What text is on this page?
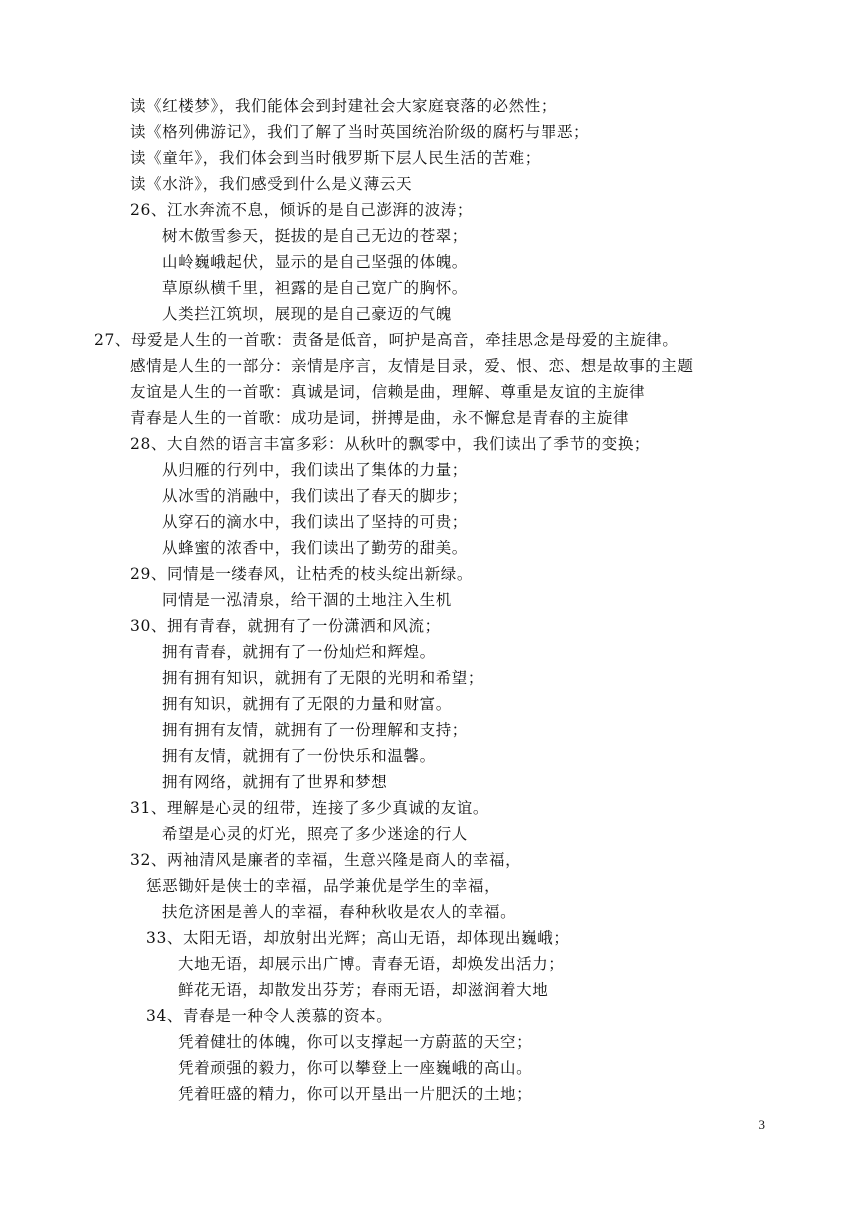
读《红楼梦》，我们能体会到封建社会大家庭衰落的必然性；
读《格列佛游记》，我们了解了当时英国统治阶级的腐朽与罪恶；
读《童年》，我们体会到当时俄罗斯下层人民生活的苦难；
读《水浒》，我们感受到什么是义薄云天
26、江水奔流不息，倾诉的是自己澎湃的波涛；
树木傲雪参天，挺拔的是自己无边的苍翠；
山岭巍峨起伏，显示的是自己坚强的体魄。
草原纵横千里，袒露的是自己宽广的胸怀。
人类拦江筑坝，展现的是自己豪迈的气魄
27、母爱是人生的一首歌：责备是低音，呵护是高音，牵挂思念是母爱的主旋律。
感情是人生的一部分：亲情是序言，友情是目录，爱、恨、恋、想是故事的主题
友谊是人生的一首歌：真诚是词，信赖是曲，理解、尊重是友谊的主旋律
青春是人生的一首歌：成功是词，拼搏是曲，永不懈怠是青春的主旋律
28、大自然的语言丰富多彩：从秋叶的飘零中，我们读出了季节的变换；
从归雁的行列中，我们读出了集体的力量；
从冰雪的消融中，我们读出了春天的脚步；
从穿石的滴水中，我们读出了坚持的可贵；
从蜂蜜的浓香中，我们读出了勤劳的甜美。
29、同情是一缕春风，让枯秃的枝头绽出新绿。
同情是一泓清泉，给干涸的土地注入生机
30、拥有青春，就拥有了一份潇洒和风流；
拥有青春，就拥有了一份灿烂和辉煌。
拥有拥有知识，就拥有了无限的光明和希望；
拥有知识，就拥有了无限的力量和财富。
拥有拥有友情，就拥有了一份理解和支持；
拥有友情，就拥有了一份快乐和温馨。
拥有网络，就拥有了世界和梦想
31、理解是心灵的纽带，连接了多少真诚的友谊。
希望是心灵的灯光，照亮了多少迷途的行人
32、两袖清风是廉者的幸福，生意兴隆是商人的幸福，
惩恶锄奸是侠士的幸福，品学兼优是学生的幸福，
扶危济困是善人的幸福，春种秋收是农人的幸福。
33、太阳无语，却放射出光辉；高山无语，却体现出巍峨；
大地无语，却展示出广博。青春无语，却焕发出活力；
鲜花无语，却散发出芬芳；春雨无语，却滋润着大地
34、青春是一种令人羡慕的资本。
凭着健壮的体魄，你可以支撑起一方蔚蓝的天空；
凭着顽强的毅力，你可以攀登上一座巍峨的高山。
凭着旺盛的精力，你可以开垦出一片肥沃的土地；
3
